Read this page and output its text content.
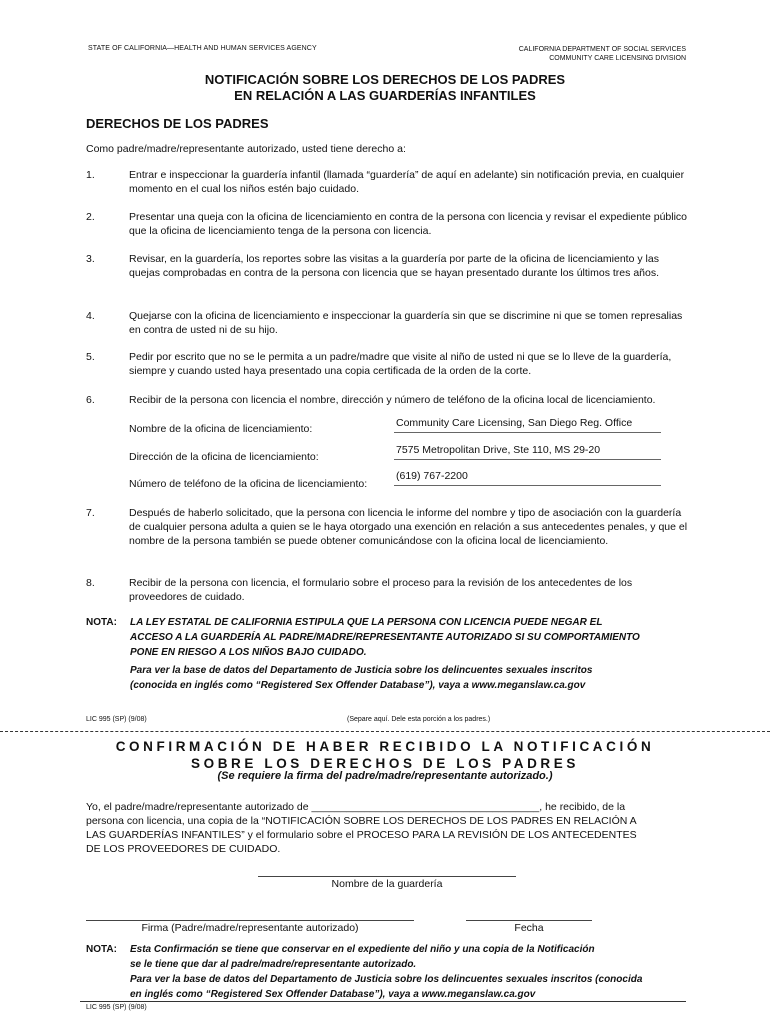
STATE OF CALIFORNIA—HEALTH AND HUMAN SERVICES AGENCY	CALIFORNIA DEPARTMENT OF SOCIAL SERVICES
COMMUNITY CARE LICENSING DIVISION
NOTIFICACIÓN SOBRE LOS DERECHOS DE LOS PADRES
EN RELACIÓN A LAS GUARDERÍAS INFANTILES
DERECHOS DE LOS PADRES
Como padre/madre/representante autorizado, usted tiene derecho a:
1.	Entrar e inspeccionar la guardería infantil (llamada “guardería” de aquí en adelante) sin notificación previa, en cualquier momento en el cual los niños estén bajo cuidado.
2.	Presentar una queja con la oficina de licenciamiento en contra de la persona con licencia y revisar el expediente público que la oficina de licenciamiento tenga de la persona con licencia.
3.	Revisar, en la guardería, los reportes sobre las visitas a la guardería por parte de la oficina de licenciamiento y las quejas comprobadas en contra de la persona con licencia que se hayan presentado durante los últimos tres años.
4.	Quejarse con la oficina de licenciamiento e inspeccionar la guardería sin que se discrimine ni que se tomen represalias en contra de usted ni de su hijo.
5.	Pedir por escrito que no se le permita a un padre/madre que visite al niño de usted ni que se lo lleve de la guardería, siempre y cuando usted haya presentado una copia certificada de la orden de la corte.
6.	Recibir de la persona con licencia el nombre, dirección y número de teléfono de la oficina local de licenciamiento.
Nombre de la oficina de licenciamiento:	Community Care Licensing, San Diego Reg. Office
Dirección de la oficina de licenciamiento:
7575 Metropolitan Drive, Ste 110, MS 29-20
Número de teléfono de la oficina de licenciamiento:
(619) 767-2200
7.	Después de haberlo solicitado, que la persona con licencia le informe del nombre y tipo de asociación con la guardería de cualquier persona adulta a quien se le haya otorgado una exención en relación a sus antecedentes penales, y que el nombre de la persona también se puede obtener comunicándose con la oficina local de licenciamiento.
8.	Recibir de la persona con licencia, el formulario sobre el proceso para la revisión de los antecedentes de los proveedores de cuidado.
NOTA: LA LEY ESTATAL DE CALIFORNIA ESTIPULA QUE LA PERSONA CON LICENCIA PUEDE NEGAR EL
ACCESO A LA GUARDERÍA AL PADRE/MADRE/REPRESENTANTE AUTORIZADO SI SU COMPORTAMIENTO
PONE EN RIESGO A LOS NIÑOS BAJO CUIDADO.
Para ver la base de datos del Departamento de Justicia sobre los delincuentes sexuales inscritos
(conocida en inglés como “Registered Sex Offender Database”), vaya a www.meganslaw.ca.gov
LIC 995 (SP) (9/08)	(Separe aquí. Dele esta porción a los padres.)
CONFIRMACIÓN DE HABER RECIBIDO LA NOTIFICACIÓN
SOBRE LOS DERECHOS DE LOS PADRES
(Se requiere la firma del padre/madre/representante autorizado.)
Yo, el padre/madre/representante autorizado de _______________________________________, he recibido, de la
persona con licencia, una copia de la “NOTIFICACIÓN SOBRE LOS DERECHOS DE LOS PADRES EN RELACIÓN A
LAS GUARDERÍAS INFANTILES” y el formulario sobre el PROCESO PARA LA REVISIÓN DE LOS ANTECEDENTES
DE LOS PROVEEDORES DE CUIDADO.
Nombre de la guardería
Firma (Padre/madre/representante autorizado)	Fecha
NOTA: Esta Confirmación se tiene que conservar en el expediente del niño y una copia de la Notificación
se le tiene que dar al padre/madre/representante autorizado.
Para ver la base de datos del Departamento de Justicia sobre los delincuentes sexuales inscritos (conocida
en inglés como “Registered Sex Offender Database”), vaya a www.meganslaw.ca.gov
LIC 995 (SP) (9/08)
